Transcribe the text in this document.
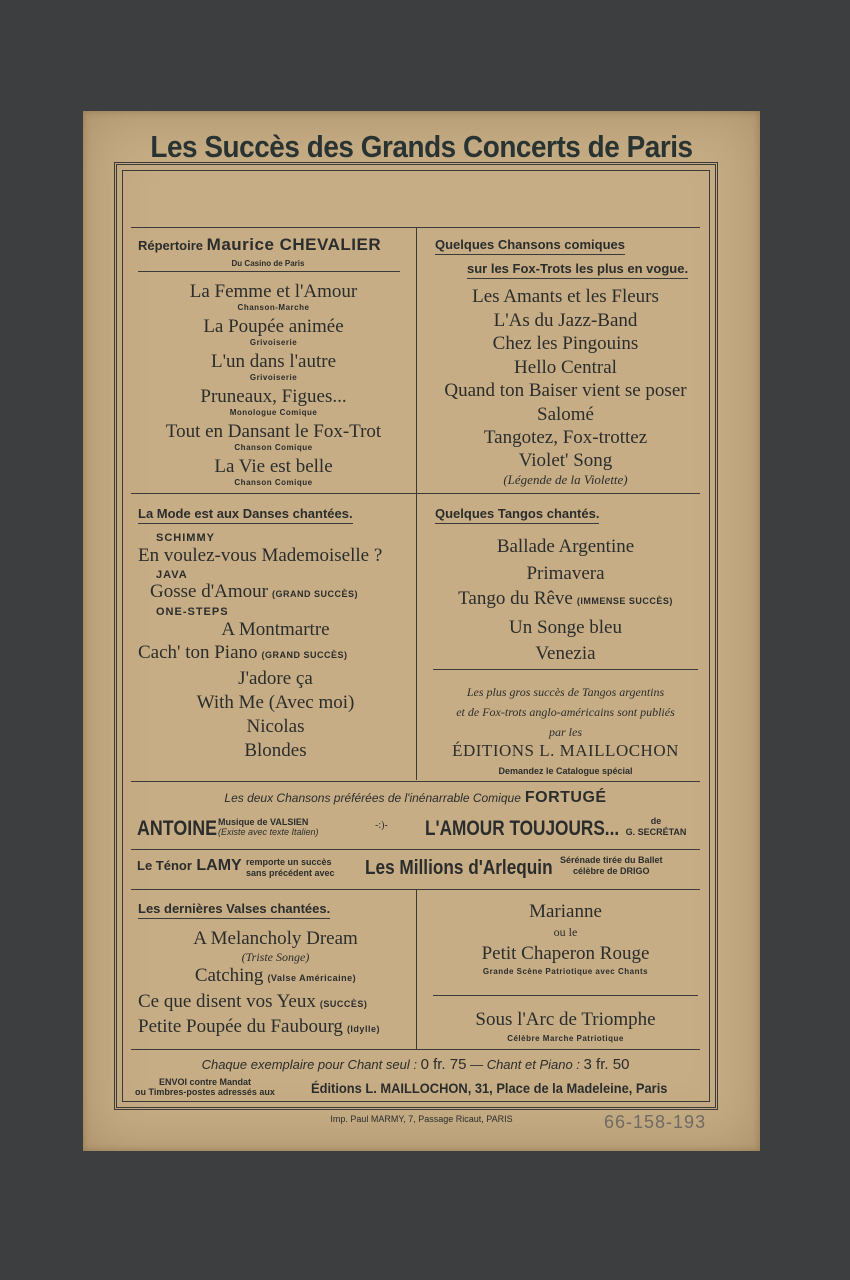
Les Succès des Grands Concerts de Paris
Répertoire Maurice CHEVALIER
Du Casino de Paris
La Femme et l'Amour
Chanson-Marche
La Poupée animée
Grivoiserie
L'un dans l'autre
Grivoiserie
Pruneaux, Figues...
Monologue Comique
Tout en Dansant le Fox-Trot
Chanson Comique
La Vie est belle
Chanson Comique
Quelques Chansons comiques
sur les Fox-Trots les plus en vogue.
Les Amants et les Fleurs
L'As du Jazz-Band
Chez les Pingouins
Hello Central
Quand ton Baiser vient se poser
Salomé
Tangotez, Fox-trottez
Violet' Song
(Légende de la Violette)
La Mode est aux Danses chantées.
SCHIMMY
En voulez-vous Mademoiselle ?
JAVA
Gosse d'Amour (GRAND SUCCÈS)
ONE-STEPS
A Montmartre
Cach' ton Piano (GRAND SUCCÈS)
J'adore ça
With Me (Avec moi)
Nicolas
Blondes
Quelques Tangos chantés.
Ballade Argentine
Primavera
Tango du Rêve (IMMENSE SUCCÈS)
Un Songe bleu
Venezia
Les plus gros succès de Tangos argentins
et de Fox-trots anglo-américains sont publiés
par les
ÉDITIONS L. MAILLOCHON
Demandez le Catalogue spécial
Les deux Chansons préférées de l'inénarrable Comique FORTUGÉ
ANTOINE Musique de VALSIEN
(Existe avec texte Italien)
-:)- L'AMOUR TOUJOURS...	de
G. SECRÉTAN
Le Ténor LAMY remporte un succès
sans précédent avec Les Millions d'Arlequin Sérénade tirée du Ballet
célèbre de DRIGO
Les dernières Valses chantées.
A Melancholy Dream
(Triste Songe)
Catching (Valse Américaine)
Ce que disent vos Yeux (SUCCÈS)
Petite Poupée du Faubourg (Idylle)
Marianne
ou le
Petit Chaperon Rouge
Grande Scène Patriotique avec Chants
Sous l'Arc de Triomphe
Célèbre Marche Patriotique
Chaque exemplaire pour Chant seul : 0 fr. 75 — Chant et Piano : 3 fr. 50
ENVOI contre Mandat
ou Timbres-postes adressés aux	Éditions L. MAILLOCHON, 31, Place de la Madeleine, Paris
Imp. Paul MARMY, 7, Passage Ricaut, PARIS	66-158-193
